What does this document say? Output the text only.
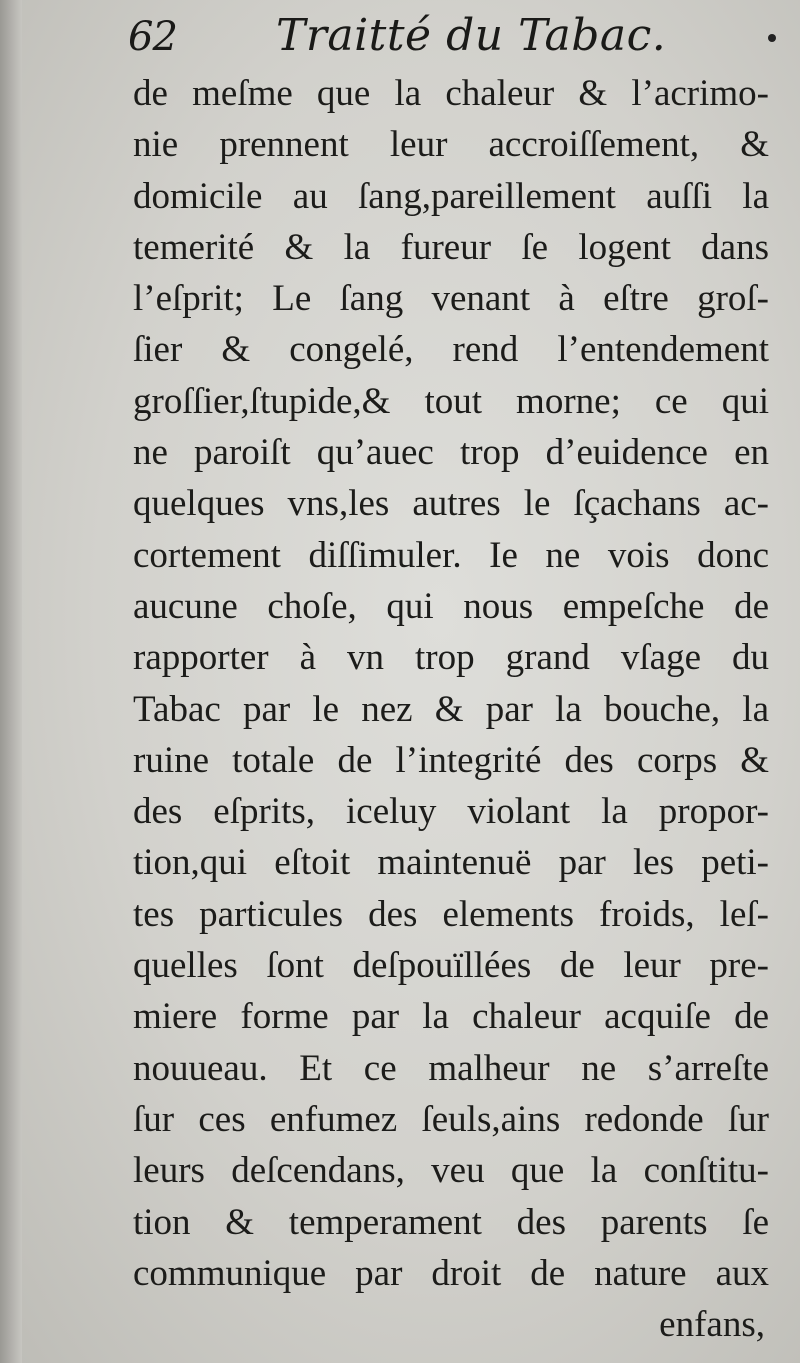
62 Traitté du Tabac.
de meſme que la chaleur & l’acrimo-
nie prennent leur accroiſſement, &
domicile au ſang,pareillement auſſi la
temerité & la fureur ſe logent dans
l’eſprit; Le ſang venant à eſtre groſ-
ſier & congelé, rend l’entendement
groſſier,ſtupide,& tout morne; ce qui
ne paroiſt qu’auec trop d’euidence en
quelques vns,les autres le ſçachans ac-
cortement diſſimuler. Ie ne vois donc
aucune choſe, qui nous empeſche de
rapporter à vn trop grand vſage du
Tabac par le nez & par la bouche, la
ruine totale de l’integrité des corps &
des eſprits, iceluy violant la propor-
tion,qui eſtoit maintenuë par les peti-
tes particules des elements froids, leſ-
quelles ſont deſpouïllées de leur pre-
miere forme par la chaleur acquiſe de
nouueau. Et ce malheur ne s’arreſte
ſur ces enfumez ſeuls,ains redonde ſur
leurs deſcendans, veu que la conſtitu-
tion & temperament des parents ſe
communique par droit de nature aux
enfans,
